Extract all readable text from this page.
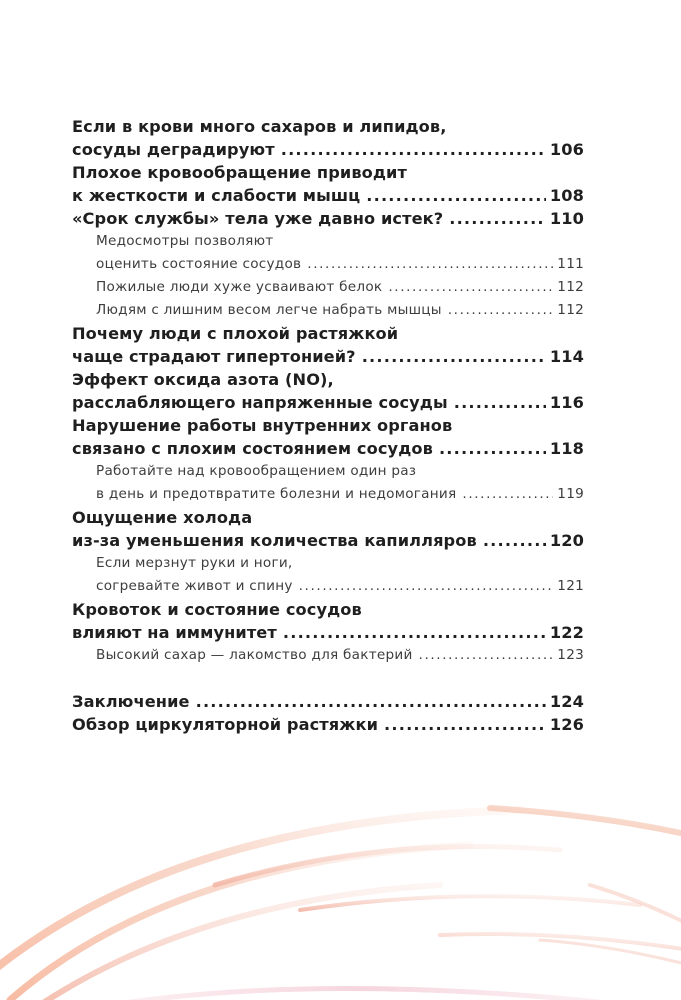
Если в крови много сахаров и липидов,
сосуды деградируют .....	106
Плохое кровообращение приводит
к жесткости и слабости мышц .....	108
«Срок службы» тела уже давно истек? .....	110
Медосмотры позволяют
оценить состояние сосудов .....	111
Пожилые люди хуже усваивают белок .....	112
Людям с лишним весом легче набрать мышцы .....	112
Почему люди с плохой растяжкой
чаще страдают гипертонией? .....	114
Эффект оксида азота (NO),
расслабляющего напряженные сосуды .....	116
Нарушение работы внутренних органов
связано с плохим состоянием сосудов .....	118
Работайте над кровообращением один раз
в день и предотвратите болезни и недомогания .....	119
Ощущение холода
из-за уменьшения количества капилляров .....	120
Если мерзнут руки и ноги,
согревайте живот и спину .....	121
Кровоток и состояние сосудов
влияют на иммунитет .....	122
Высокий сахар — лакомство для бактерий .....	123
Заключение .....	124
Обзор циркуляторной растяжки .....	126
